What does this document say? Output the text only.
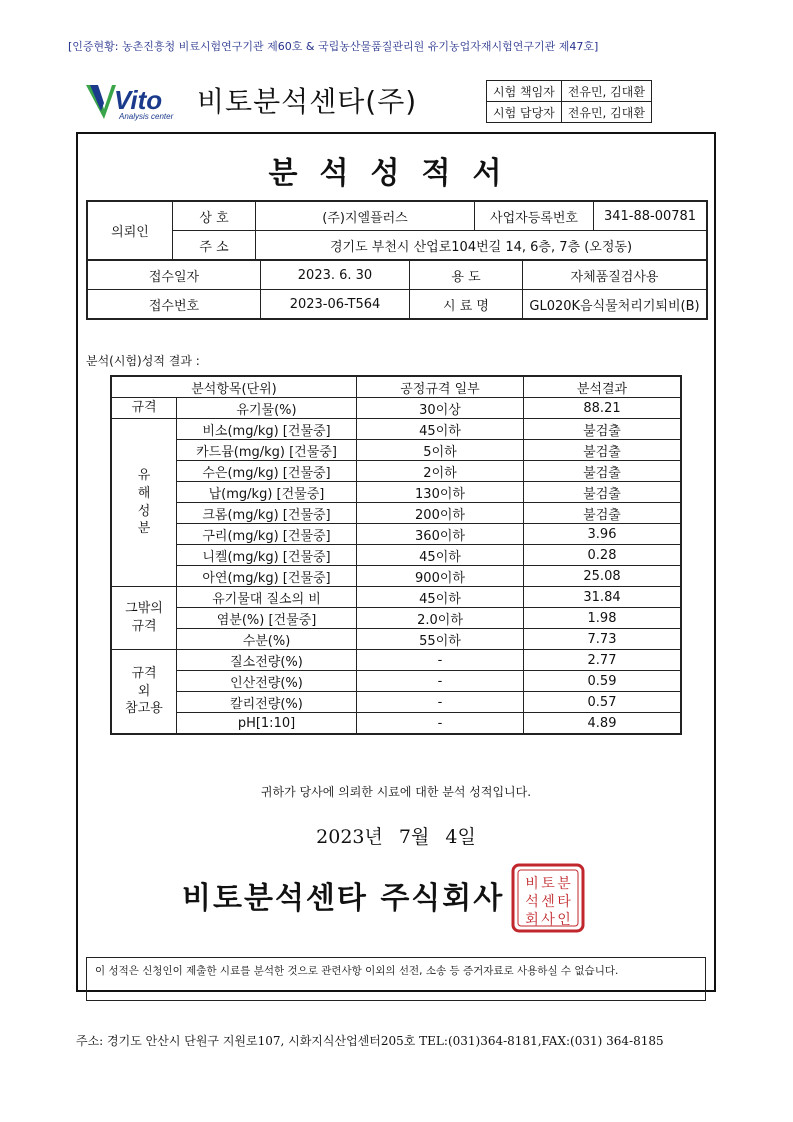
[인증현황: 농촌진흥청 비료시험연구기관 제60호 & 국립농산물품질관리원 유기농업자재시험연구기관 제47호]
Vito
Analysis center 비토분석센타(주)	시험 책임자	전유민, 김대환
시험 담당자	전유민, 김대환
분석성적서
의뢰인	상 호	(주)지엘플러스	사업자등록번호	341-88-00781
	주 소	경기도 부천시 산업로104번길 14, 6층, 7층 (오정동)		
접수일자	2023. 6. 30	용 도	자체품질검사용
접수번호	2023-06-T564	시 료 명	GL020K음식물처리기퇴비(B)
분석(시험)성적 결과 :
분석항목(단위)		공정규격 일부	분석결과
규격	유기물(%)	30이상	88.21
유
해
성
분	비소(mg/kg) [건물중]	45이하	불검출
	카드뮴(mg/kg) [건물중]	5이하	불검출
	수은(mg/kg) [건물중]	2이하	불검출
	납(mg/kg) [건물중]	130이하	불검출
	크롬(mg/kg) [건물중]	200이하	불검출
	구리(mg/kg) [건물중]	360이하	3.96
	니켈(mg/kg) [건물중]	45이하	0.28
	아연(mg/kg) [건물중]	900이하	25.08
그밖의
규격	유기물대 질소의 비	45이하	31.84
	염분(%) [건물중]	2.0이하	1.98
	수분(%)	55이하	7.73
규격
외
참고용	질소전량(%)	-	2.77
	인산전량(%)	-	0.59
	칼리전량(%)	-	0.57
	pH[1:10]	-	4.89
귀하가 당사에 의뢰한 시료에 대한 분석 성적입니다.
2023년 7월 4일
비토분석센타 주식회사 비 토 분
석 센 타
회 사 인
이 성적은 신청인이 제출한 시료를 분석한 것으로 관련사항 이외의 선전, 소송 등 증거자료로 사용하실 수 없습니다.
주소: 경기도 안산시 단원구 지원로107, 시화지식산업센터205호 TEL:(031)364-8181,FAX:(031) 364-8185
